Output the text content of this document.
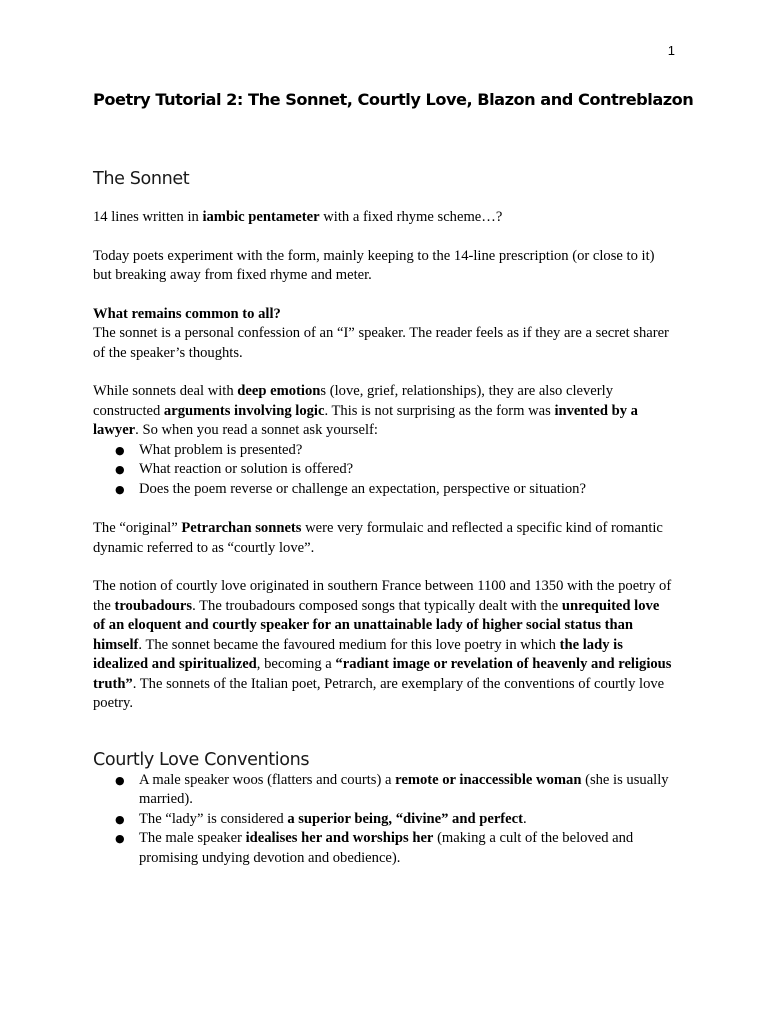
1
Poetry Tutorial 2: The Sonnet, Courtly Love, Blazon and Contreblazon
The Sonnet

14 lines written in iambic pentameter with a fixed rhyme scheme…?

Today poets experiment with the form, mainly keeping to the 14-line prescription (or close to it) but breaking away from fixed rhyme and meter.

What remains common to all?

The sonnet is a personal confession of an “I” speaker. The reader feels as if they are a secret sharer of the speaker’s thoughts.

While sonnets deal with deep emotions (love, grief, relationships), they are also cleverly constructed arguments involving logic. This is not surprising as the form was invented by a lawyer. So when you read a sonnet ask yourself:

● What problem is presented?
● What reaction or solution is offered?
● Does the poem reverse or challenge an expectation, perspective or situation?

The “original” Petrarchan sonnets were very formulaic and reflected a specific kind of romantic dynamic referred to as “courtly love”.

The notion of courtly love originated in southern France between 1100 and 1350 with the poetry of the troubadours. The troubadours composed songs that typically dealt with the unrequited love of an eloquent and courtly speaker for an unattainable lady of higher social status than himself. The sonnet became the favoured medium for this love poetry in which the lady is idealized and spiritualized, becoming a “radiant image or revelation of heavenly and religious truth”. The sonnets of the Italian poet, Petrarch, are exemplary of the conventions of courtly love poetry.

Courtly Love Conventions
● A male speaker woos (flatters and courts) a remote or inaccessible woman (she is usually married).
● The “lady” is considered a superior being, “divine” and perfect.
● The male speaker idealises her and worships her (making a cult of the beloved and promising undying devotion and obedience).
